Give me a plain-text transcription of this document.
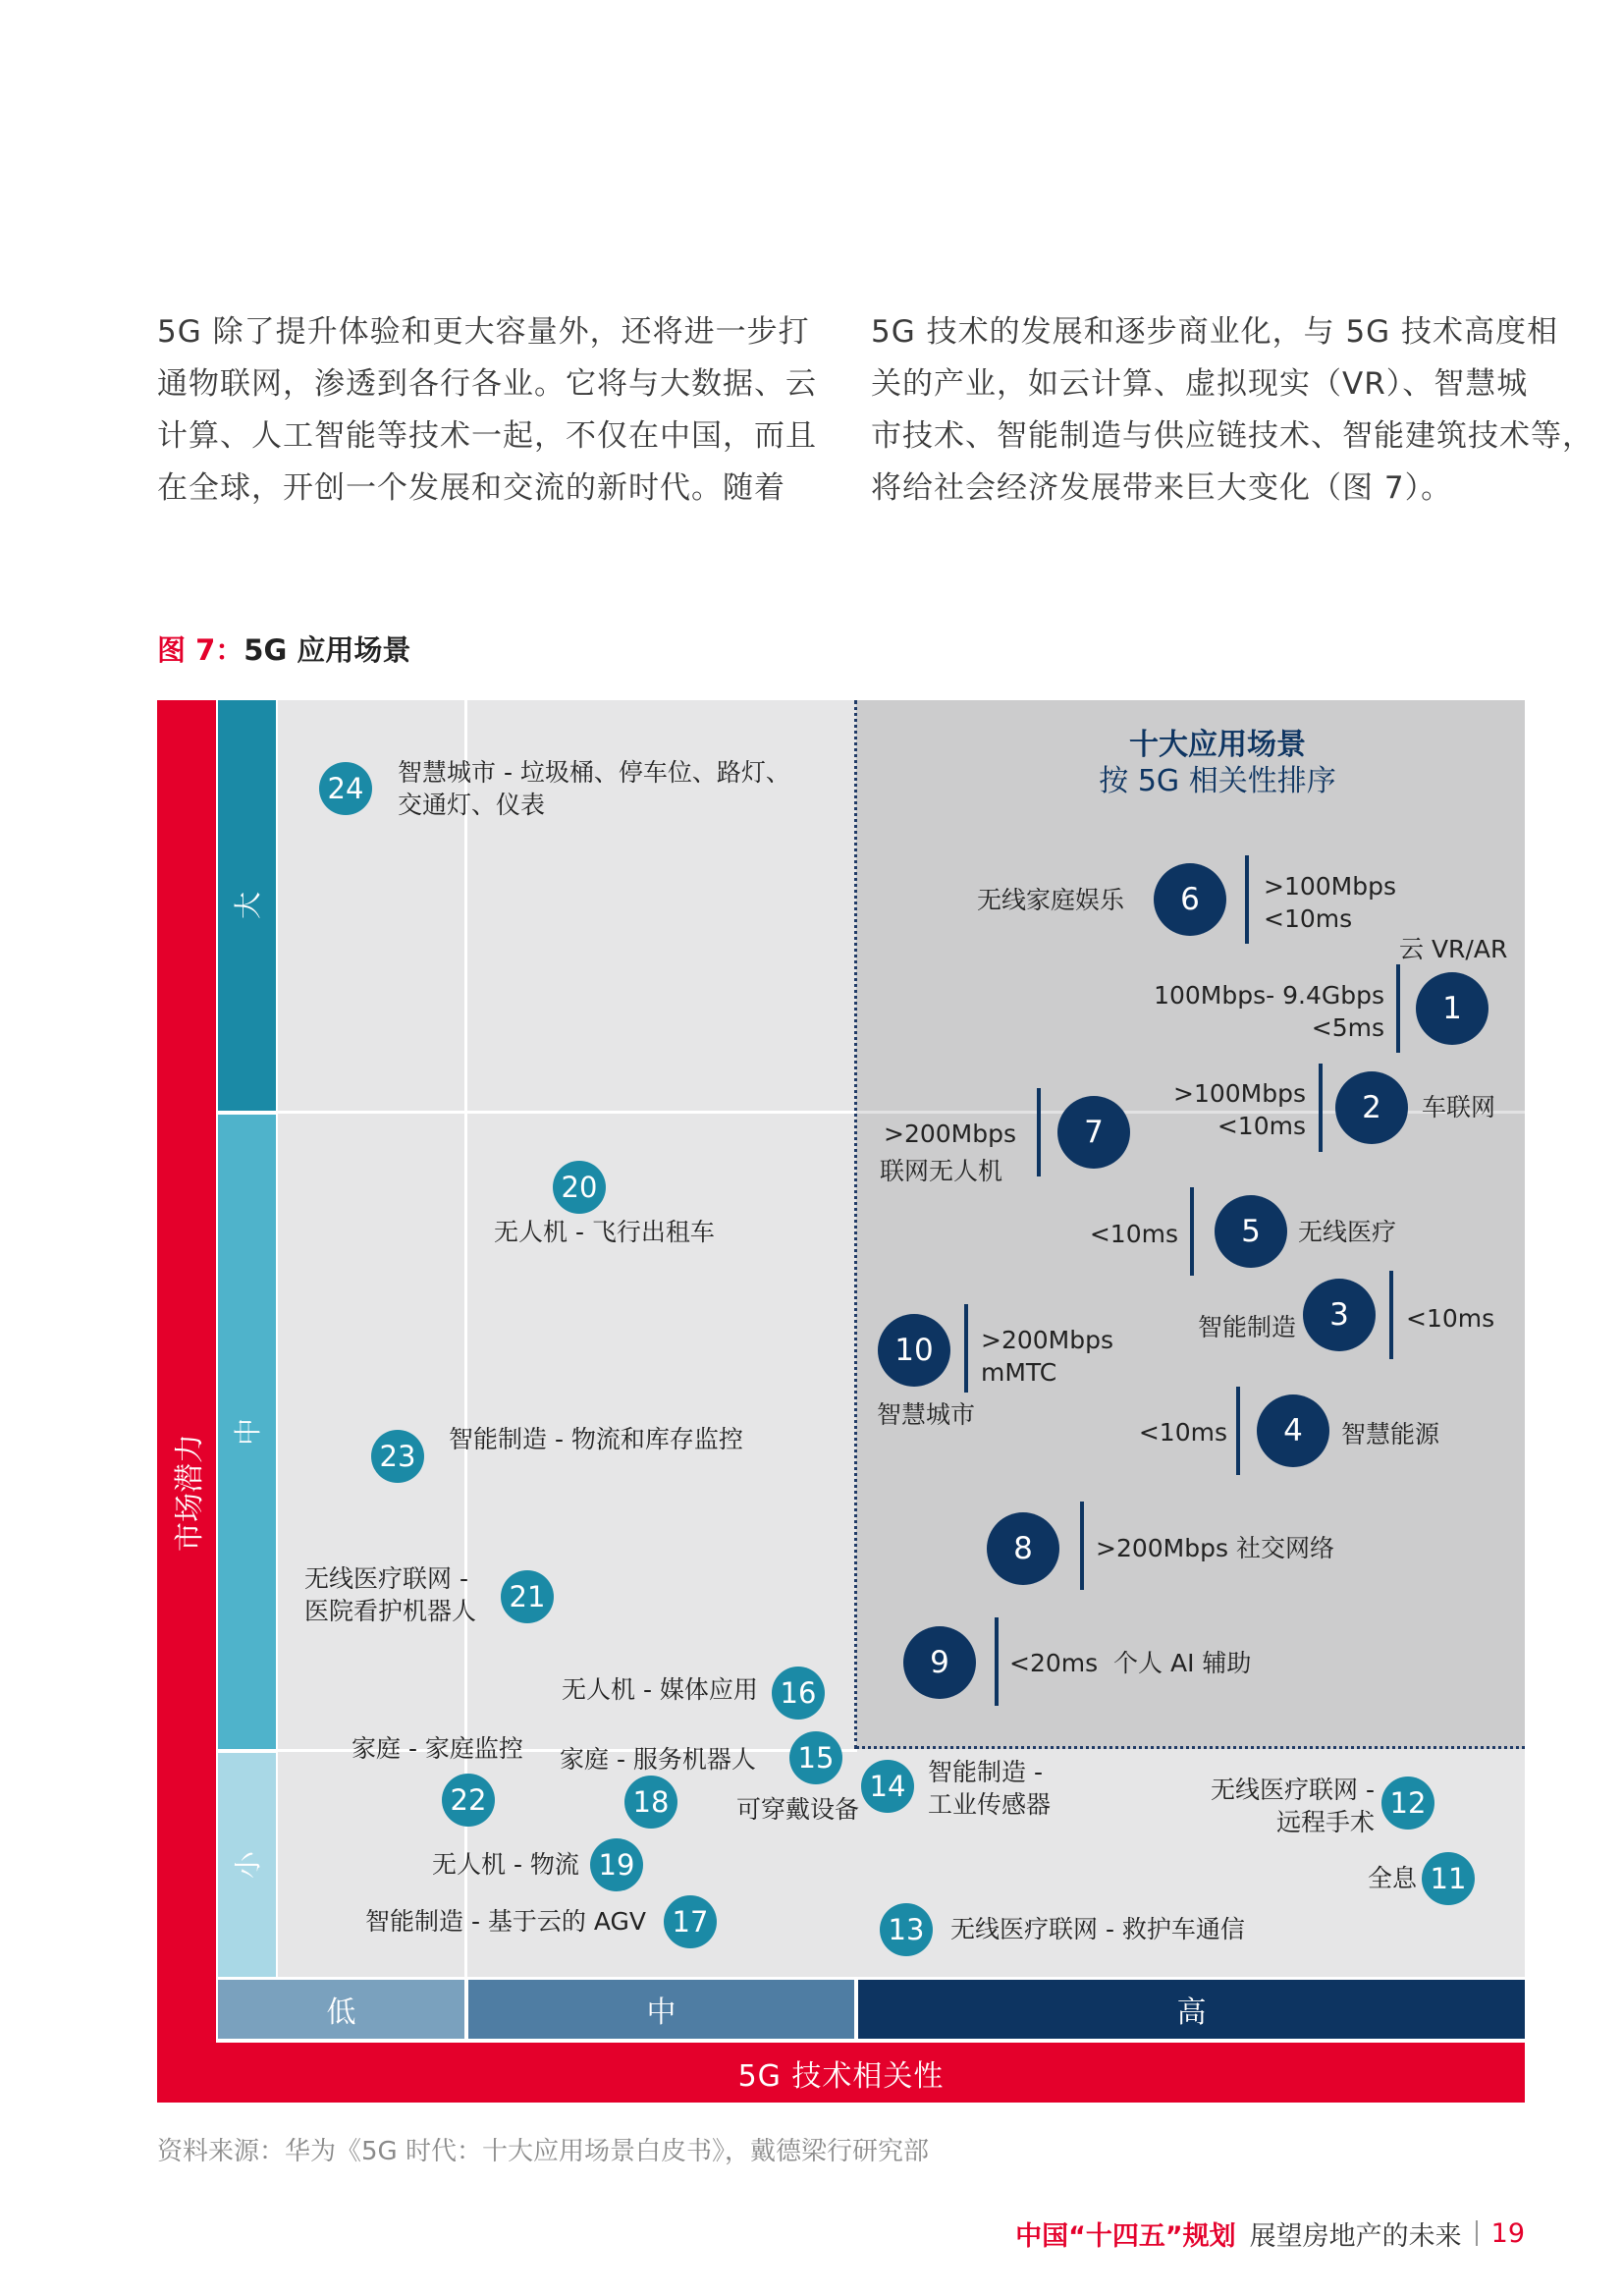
5G 除了提升体验和更大容量外，还将进一步打
通物联网，渗透到各行各业。它将与大数据、云
计算、人工智能等技术一起，不仅在中国，而且
在全球，开创一个发展和交流的新时代。随着

5G 技术的发展和逐步商业化，与 5G 技术高度相
关的产业，如云计算、虚拟现实（VR）、智慧城
市技术、智能制造与供应链技术、智能建筑技术等，
将给社会经济发展带来巨大变化（图 7）。

图 7：5G 应用场景
市场潜力
大
中
小
十大应用场景
按 5G 相关性排序
24	智慧城市 - 垃圾桶、停车位、路灯、
交通灯、仪表
无线家庭娱乐	6	>100Mbps
<10ms
云 VR/AR
100Mbps- 9.4Gbps
<5ms
1
>100Mbps
<10ms
2	车联网
>200Mbps
联网无人机
7
20
无人机 - 飞行出租车	<10ms	5	无线医疗
智能制造	3	<10ms
10	>200Mbps
mMTC
智慧城市
<10ms	4	智慧能源
智能制造 - 物流和库存监控
23
8	>200Mbps 社交网络
无线医疗联网 -
医院看护机器人 21
9	<20ms 个人 AI 辅助
无人机 - 媒体应用 16
家庭 - 家庭监控
22
家庭 - 服务机器人
18
15
可穿戴设备
14 智能制造 -
工业传感器
无线医疗联网 -
远程手术
12
无人机 - 物流 19	全息 11
智能制造 - 基于云的 AGV 17	13	无线医疗联网 - 救护车通信
低	中	高
5G 技术相关性
资料来源：华为《5G 时代：十大应用场景白皮书》，戴德梁行研究部
中国“十四五”规划 展望房地产的未来 19
